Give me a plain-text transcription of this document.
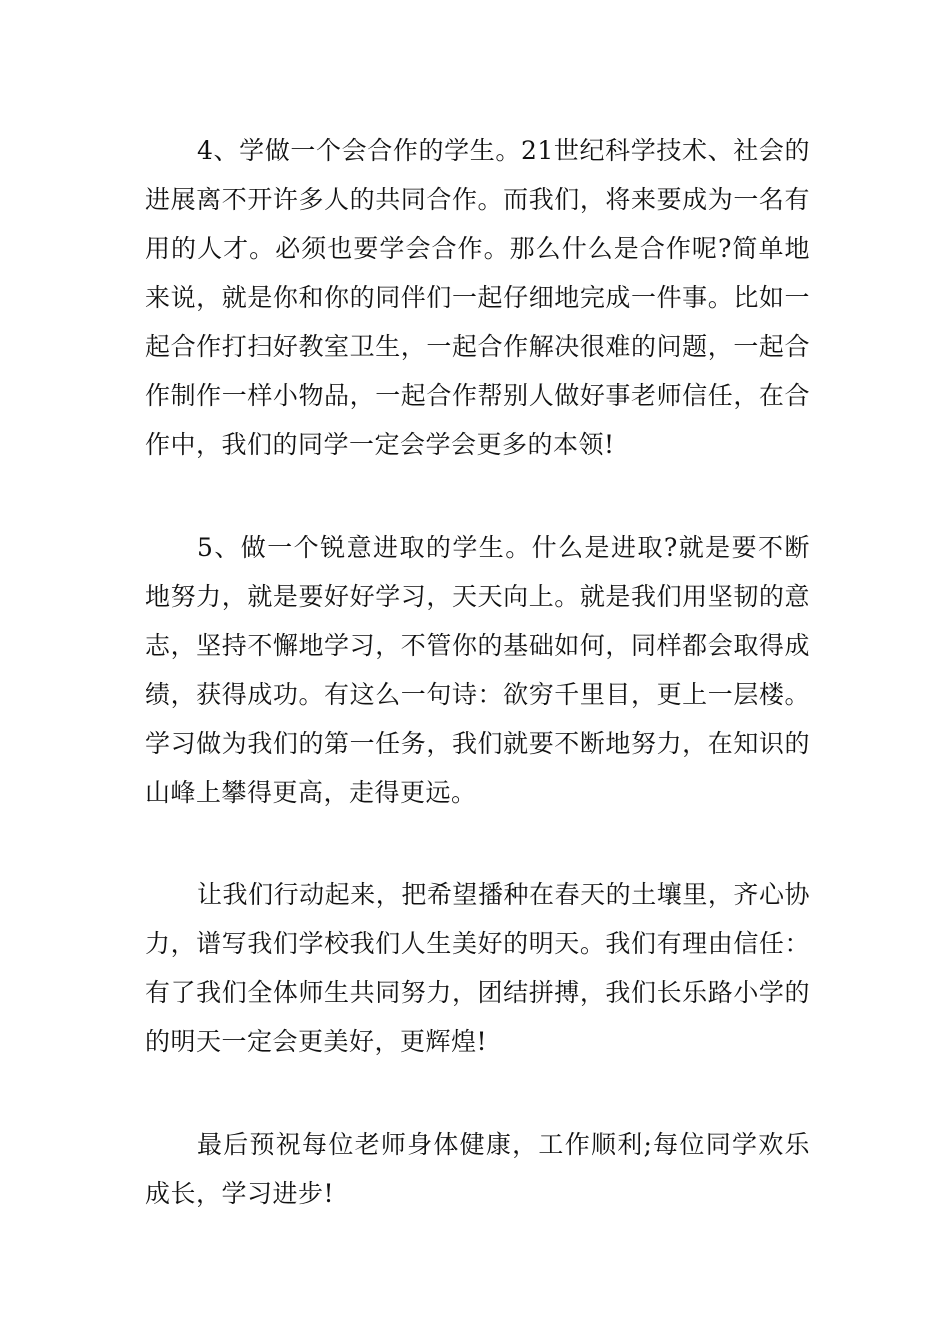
4、学做一个会合作的学生。21世纪科学技术、社会的进展离不开许多人的共同合作。而我们，将来要成为一名有用的人才。必须也要学会合作。那么什么是合作呢?简单地来说，就是你和你的同伴们一起仔细地完成一件事。比如一起合作打扫好教室卫生，一起合作解决很难的问题，一起合作制作一样小物品，一起合作帮别人做好事老师信任，在合作中，我们的同学一定会学会更多的本领!

5、做一个锐意进取的学生。什么是进取?就是要不断地努力，就是要好好学习，天天向上。就是我们用坚韧的意志，坚持不懈地学习，不管你的基础如何，同样都会取得成绩，获得成功。有这么一句诗：欲穷千里目，更上一层楼。学习做为我们的第一任务，我们就要不断地努力，在知识的山峰上攀得更高，走得更远。

让我们行动起来，把希望播种在春天的土壤里，齐心协力，谱写我们学校我们人生美好的明天。我们有理由信任：有了我们全体师生共同努力，团结拼搏，我们长乐路小学的的明天一定会更美好，更辉煌!

最后预祝每位老师身体健康，工作顺利;每位同学欢乐成长，学习进步!
